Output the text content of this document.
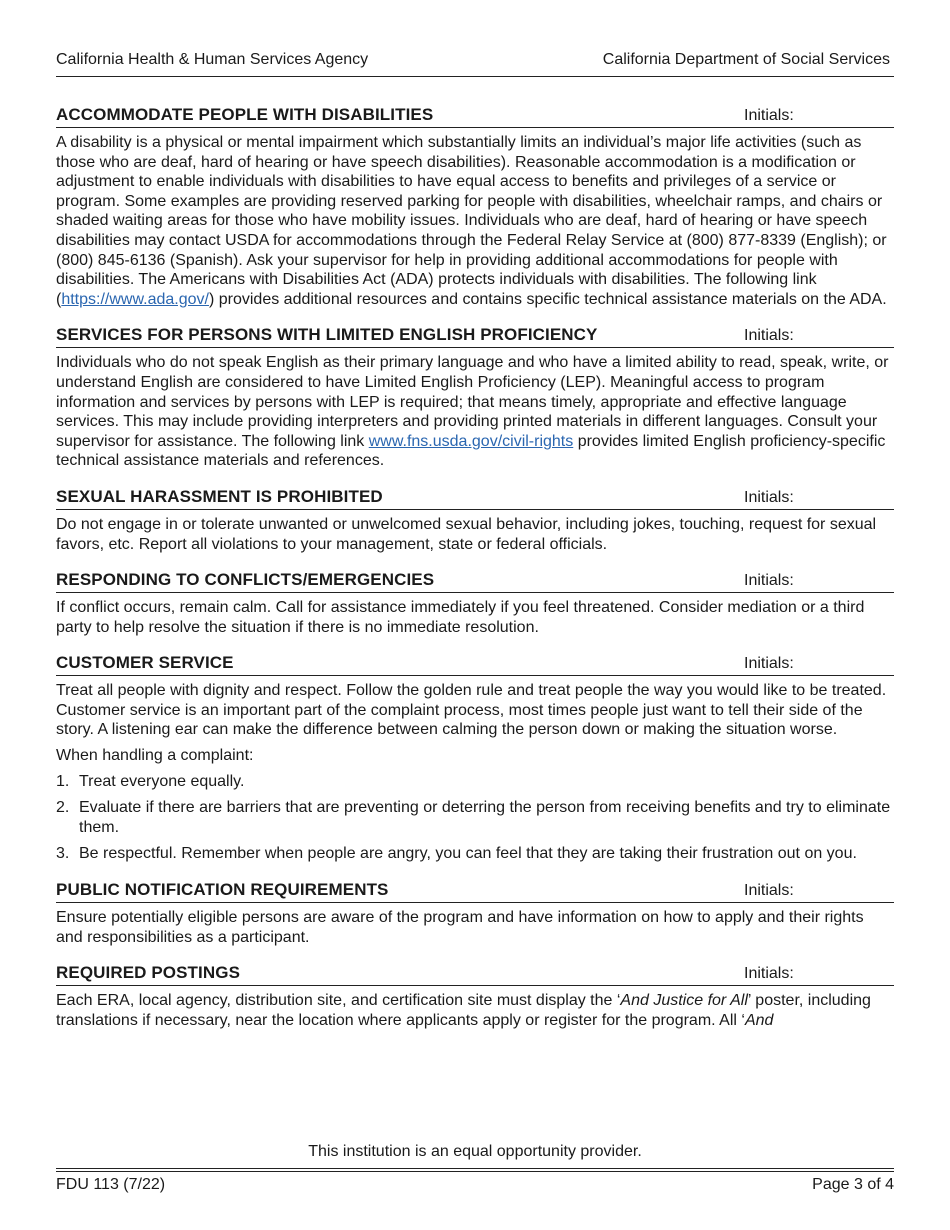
California Health & Human Services Agency	California Department of Social Services
ACCOMMODATE PEOPLE WITH DISABILITIES	Initials:

A disability is a physical or mental impairment which substantially limits an individual’s major life activities (such as those who are deaf, hard of hearing or have speech disabilities). Reasonable accommodation is a modification or adjustment to enable individuals with disabilities to have equal access to benefits and privileges of a service or program. Some examples are providing reserved parking for people with disabilities, wheelchair ramps, and chairs or shaded waiting areas for those who have mobility issues. Individuals who are deaf, hard of hearing or have speech disabilities may contact USDA for accommodations through the Federal Relay Service at (800) 877-8339 (English); or (800) 845-6136 (Spanish). Ask your supervisor for help in providing additional accommodations for people with disabilities. The Americans with Disabilities Act (ADA) protects individuals with disabilities. The following link (https://www.ada.gov/) provides additional resources and contains specific technical assistance materials on the ADA.

SERVICES FOR PERSONS WITH LIMITED ENGLISH PROFICIENCY	Initials:

Individuals who do not speak English as their primary language and who have a limited ability to read, speak, write, or understand English are considered to have Limited English Proficiency (LEP). Meaningful access to program information and services by persons with LEP is required; that means timely, appropriate and effective language services. This may include providing interpreters and providing printed materials in different languages. Consult your supervisor for assistance. The following link www.fns.usda.gov/civil-rights provides limited English proficiency-specific technical assistance materials and references.

SEXUAL HARASSMENT IS PROHIBITED	Initials:

Do not engage in or tolerate unwanted or unwelcomed sexual behavior, including jokes, touching, request for sexual favors, etc. Report all violations to your management, state or federal officials.

RESPONDING TO CONFLICTS/EMERGENCIES	Initials:

If conflict occurs, remain calm. Call for assistance immediately if you feel threatened. Consider mediation or a third party to help resolve the situation if there is no immediate resolution.

CUSTOMER SERVICE	Initials:

Treat all people with dignity and respect. Follow the golden rule and treat people the way you would like to be treated. Customer service is an important part of the complaint process, most times people just want to tell their side of the story. A listening ear can make the difference between calming the person down or making the situation worse.

When handling a complaint:

1. Treat everyone equally.
2. Evaluate if there are barriers that are preventing or deterring the person from receiving benefits and try to eliminate them.
3. Be respectful. Remember when people are angry, you can feel that they are taking their frustration out on you.
PUBLIC NOTIFICATION REQUIREMENTS	Initials:

Ensure potentially eligible persons are aware of the program and have information on how to apply and their rights and responsibilities as a participant.

REQUIRED POSTINGS	Initials:

Each ERA, local agency, distribution site, and certification site must display the ‘And Justice for All’ poster, including translations if necessary, near the location where applicants apply or register for the program. All ‘And

This institution is an equal opportunity provider.
FDU 113 (7/22)	Page 3 of 4
